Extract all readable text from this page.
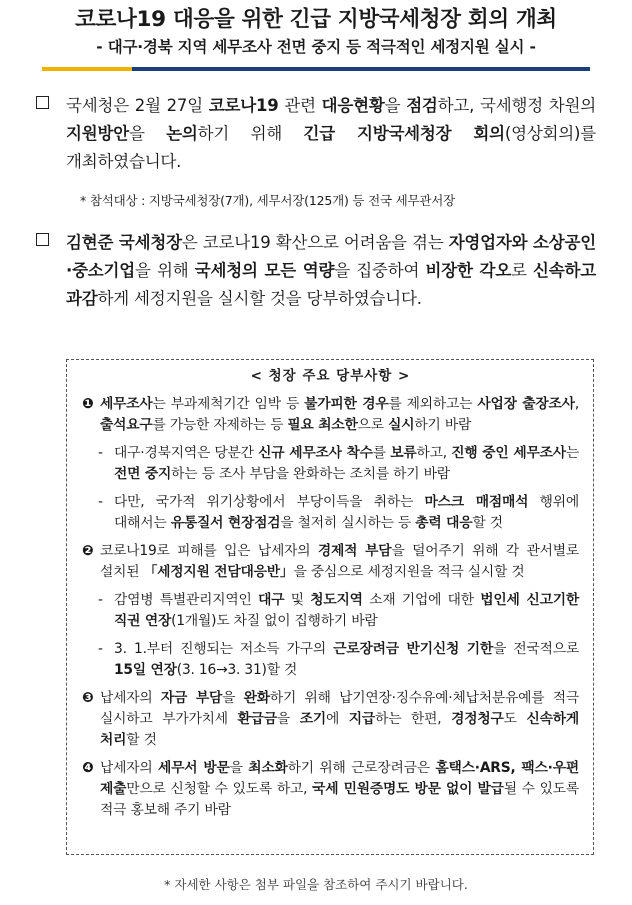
코로나19 대응을 위한 긴급 지방국세청장 회의 개최
- 대구·경북 지역 세무조사 전면 중지 등 적극적인 세정지원 실시 -
국세청은 2월 27일 코로나19 관련 대응현황을 점검하고, 국세행정 차원의 지원방안을 논의하기 위해 긴급 지방국세청장 회의(영상회의)를 개최하였습니다.
* 참석대상 : 지방국세청장(7개), 세무서장(125개) 등 전국 세무관서장
김현준 국세청장은 코로나19 확산으로 어려움을 겪는 자영업자와 소상공인·중소기업을 위해 국세청의 모든 역량을 집중하여 비장한 각오로 신속하고 과감하게 세정지원을 실시할 것을 당부하였습니다.
< 청장 주요 당부사항 >
❶ 세무조사는 부과제척기간 임박 등 불가피한 경우를 제외하고는 사업장 출장조사, 출석요구를 가능한 자제하는 등 필요 최소한으로 실시하기 바람
- 대구·경북지역은 당분간 신규 세무조사 착수를 보류하고, 진행 중인 세무조사는 전면 중지하는 등 조사 부담을 완화하는 조치를 하기 바람
- 다만, 국가적 위기상황에서 부당이득을 취하는 마스크 매점매석 행위에 대해서는 유통질서 현장점검을 철저히 실시하는 등 총력 대응할 것
❷ 코로나19로 피해를 입은 납세자의 경제적 부담을 덜어주기 위해 각 관서별로 설치된 「세정지원 전담대응반」을 중심으로 세정지원을 적극 실시할 것
- 감염병 특별관리지역인 대구 및 청도지역 소재 기업에 대한 법인세 신고기한 직권 연장(1개월)도 차질 없이 집행하기 바람
- 3. 1.부터 진행되는 저소득 가구의 근로장려금 반기신청 기한을 전국적으로 15일 연장(3. 16→3. 31)할 것
❸ 납세자의 자금 부담을 완화하기 위해 납기연장·징수유예·체납처분유예를 적극 실시하고 부가가치세 환급금을 조기에 지급하는 한편, 경정청구도 신속하게 처리할 것
❹ 납세자의 세무서 방문을 최소화하기 위해 근로장려금은 홈택스·ARS, 팩스·우편 제출만으로 신청할 수 있도록 하고, 국세 민원증명도 방문 없이 발급될 수 있도록 적극 홍보해 주기 바람
* 자세한 사항은 첨부 파일을 참조하여 주시기 바랍니다.
